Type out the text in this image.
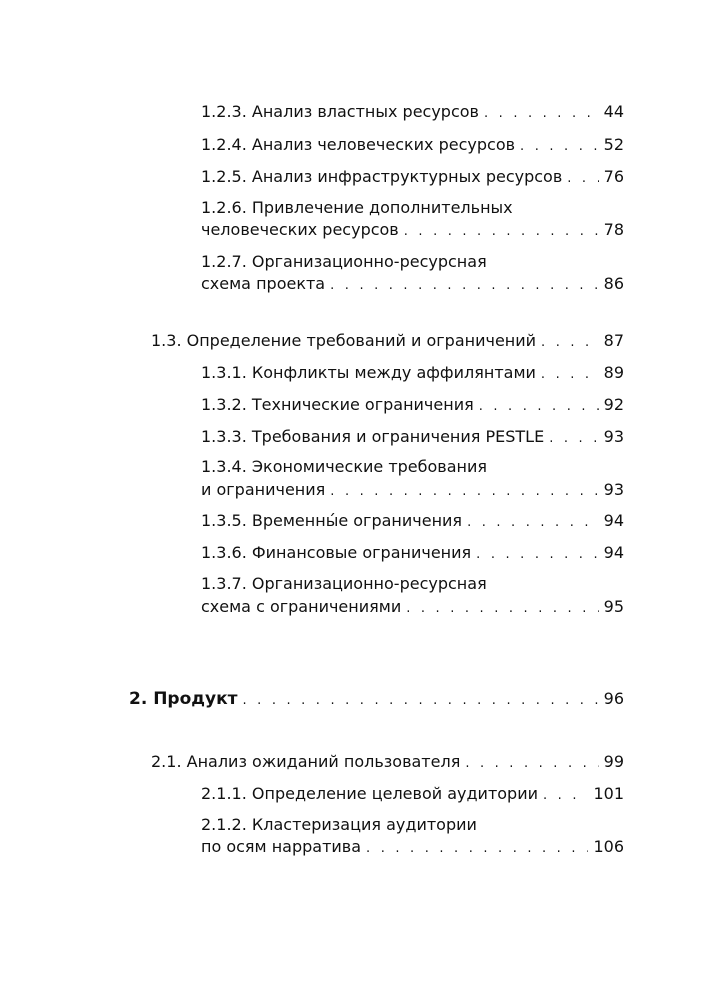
1.2.3. Анализ властных ресурсов . . .	44
1.2.4. Анализ человеческих ресурсов . . .	52
1.2.5. Анализ инфраструктурных ресурсов . . .	76
1.2.6. Привлечение дополнительных
человеческих ресурсов . . .	78
1.2.7. Организационно-ресурсная
схема проекта . . .	86
1.3. Определение требований и ограничений . . .	87
1.3.1. Конфликты между аффилянтами . . .	89
1.3.2. Технические ограничения . . .	92
1.3.3. Требования и ограничения PESTLE . . .	93
1.3.4. Экономические требования
и ограничения . . .	93
1.3.5. Временны́е ограничения . . .	94
1.3.6. Финансовые ограничения . . .	94
1.3.7. Организационно-ресурсная
схема с ограничениями . . .	95
2. Продукт . . .	96
2.1. Анализ ожиданий пользователя . . .	99
2.1.1. Определение целевой аудитории . . .	101
2.1.2. Кластеризация аудитории
по осям нарратива . . .	106
